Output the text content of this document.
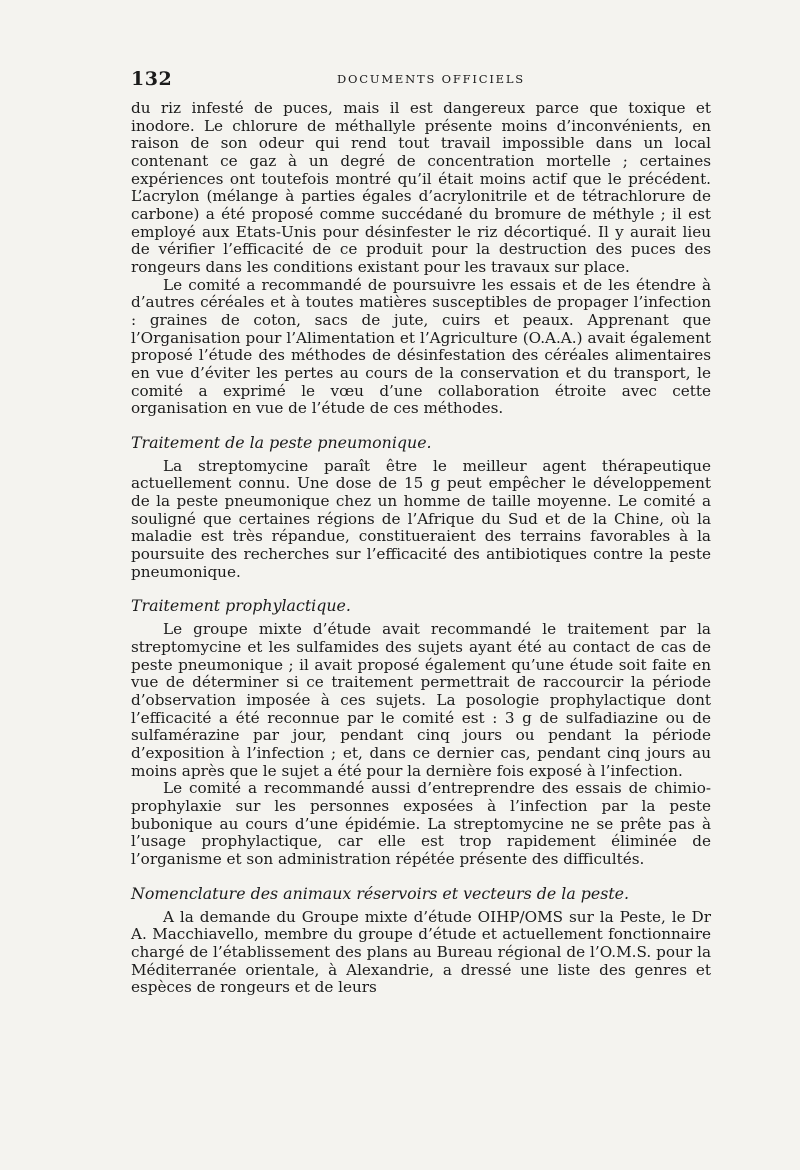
132	DOCUMENTS OFFICIELS

du riz infesté de puces, mais il est dangereux parce que toxique et inodore. Le chlorure de méthallyle présente moins d’inconvénients, en raison de son odeur qui rend tout travail impossible dans un local contenant ce gaz à un degré de concentration mortelle ; certaines expériences ont toutefois montré qu’il était moins actif que le précédent. L’acrylon (mélange à parties égales d’acrylonitrile et de tétrachlorure de carbone) a été proposé comme succédané du bromure de méthyle ; il est employé aux Etats-Unis pour désinfester le riz décortiqué. Il y aurait lieu de vérifier l’efficacité de ce produit pour la destruction des puces des rongeurs dans les conditions existant pour les travaux sur place.

Le comité a recommandé de poursuivre les essais et de les étendre à d’autres céréales et à toutes matières susceptibles de propager l’infection : graines de coton, sacs de jute, cuirs et peaux. Apprenant que l’Organisation pour l’Alimentation et l’Agriculture (O.A.A.) avait également proposé l’étude des méthodes de désinfestation des céréales alimentaires en vue d’éviter les pertes au cours de la conservation et du transport, le comité a exprimé le vœu d’une collaboration étroite avec cette organisation en vue de l’étude de ces méthodes.

Traitement de la peste pneumonique.

La streptomycine paraît être le meilleur agent thérapeutique actuellement connu. Une dose de 15 g peut empêcher le développement de la peste pneumonique chez un homme de taille moyenne. Le comité a souligné que certaines régions de l’Afrique du Sud et de la Chine, où la maladie est très répandue, constitueraient des terrains favorables à la poursuite des recherches sur l’efficacité des antibiotiques contre la peste pneumonique.

Traitement prophylactique.

Le groupe mixte d’étude avait recommandé le traitement par la streptomycine et les sulfamides des sujets ayant été au contact de cas de peste pneumonique ; il avait proposé également qu’une étude soit faite en vue de déterminer si ce traitement permettrait de raccourcir la période d’observation imposée à ces sujets. La posologie prophylactique dont l’efficacité a été reconnue par le comité est : 3 g de sulfadiazine ou de sulfamérazine par jour, pendant cinq jours ou pendant la période d’exposition à l’infection ; et, dans ce dernier cas, pendant cinq jours au moins après que le sujet a été pour la dernière fois exposé à l’infection.

Le comité a recommandé aussi d’entreprendre des essais de chimio-prophylaxie sur les personnes exposées à l’infection par la peste bubonique au cours d’une épidémie. La streptomycine ne se prête pas à l’usage prophylactique, car elle est trop rapidement éliminée de l’organisme et son administration répétée présente des difficultés.

Nomenclature des animaux réservoirs et vecteurs de la peste.

A la demande du Groupe mixte d’étude OIHP/OMS sur la Peste, le Dr A. Macchiavello, membre du groupe d’étude et actuellement fonctionnaire chargé de l’établissement des plans au Bureau régional de l’O.M.S. pour la Méditerranée orientale, à Alexandrie, a dressé une liste des genres et espèces de rongeurs et de leurs
